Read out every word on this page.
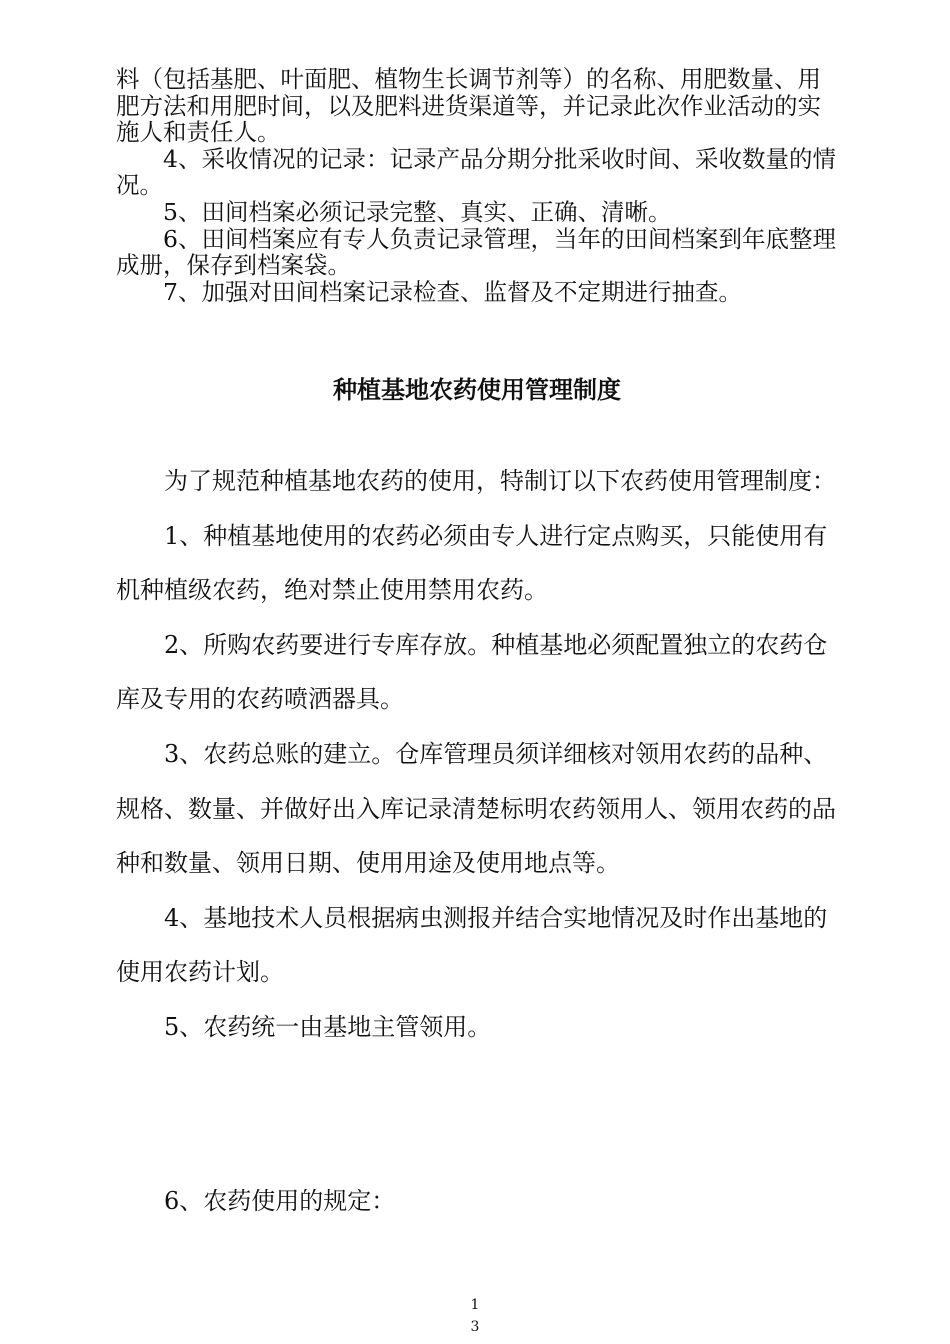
料（包括基肥、叶面肥、植物生长调节剂等）的名称、用肥数量、用肥方法和用肥时间，以及肥料进货渠道等，并记录此次作业活动的实施人和责任人。

4、采收情况的记录：记录产品分期分批采收时间、采收数量的情况。

5、田间档案必须记录完整、真实、正确、清晰。

6、田间档案应有专人负责记录管理，当年的田间档案到年底整理成册，保存到档案袋。

7、加强对田间档案记录检查、监督及不定期进行抽查。

种植基地农药使用管理制度

为了规范种植基地农药的使用，特制订以下农药使用管理制度：

1、种植基地使用的农药必须由专人进行定点购买，只能使用有机种植级农药，绝对禁止使用禁用农药。

2、所购农药要进行专库存放。种植基地必须配置独立的农药仓库及专用的农药喷洒器具。

3、农药总账的建立。仓库管理员须详细核对领用农药的品种、规格、数量、并做好出入库记录清楚标明农药领用人、领用农药的品种和数量、领用日期、使用用途及使用地点等。

4、基地技术人员根据病虫测报并结合实地情况及时作出基地的使用农药计划。

5、农药统一由基地主管领用。

6、农药使用的规定：

1
3
